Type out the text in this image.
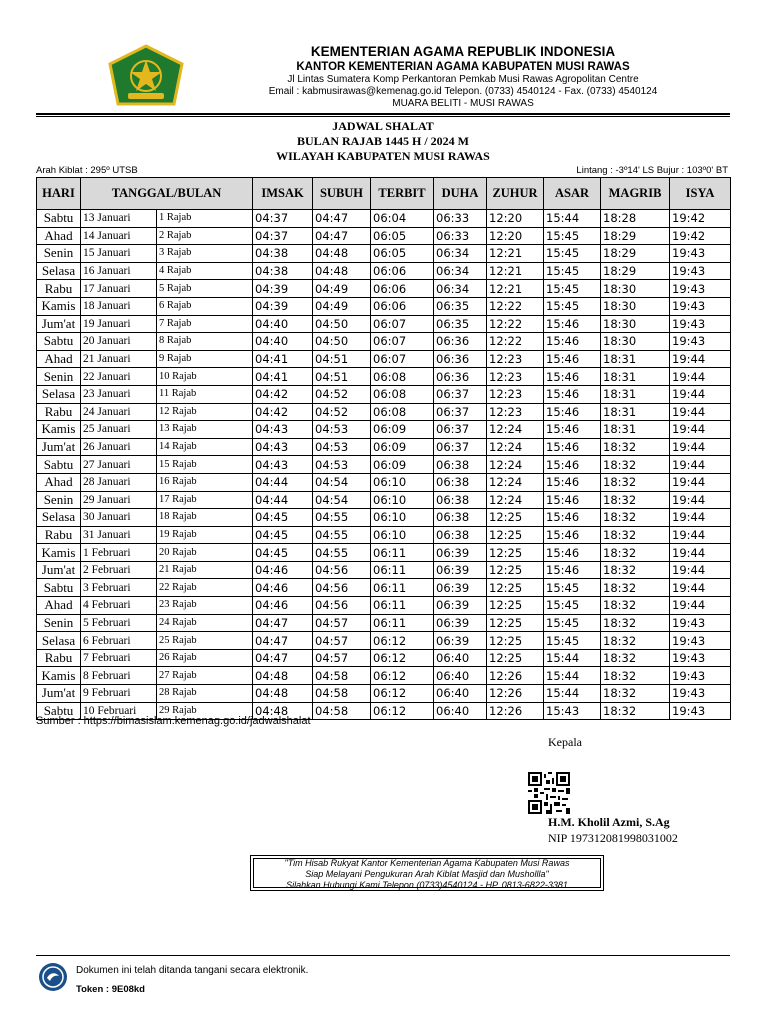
KEMENTERIAN AGAMA REPUBLIK INDONESIA
KANTOR KEMENTERIAN AGAMA KABUPATEN MUSI RAWAS
Jl Lintas Sumatera Komp Perkantoran Pemkab Musi Rawas Agropolitan Centre
Email : kabmusirawas@kemenag.go.id Telepon. (0733) 4540124 - Fax. (0733) 4540124
MUARA BELITI - MUSI RAWAS
JADWAL SHALAT
BULAN RAJAB 1445 H / 2024 M
WILAYAH KABUPATEN MUSI RAWAS
Arah Kiblat : 295º UTSB	Lintang : -3º14' LS Bujur : 103º0' BT
HARI	TANGGAL/BULAN		IMSAK	SUBUH	TERBIT	DUHA	ZUHUR	ASAR	MAGRIB	ISYA
Sabtu	13 Januari	1 Rajab	04:37	04:47	06:04	06:33	12:20	15:44	18:28	19:42
Ahad	14 Januari	2 Rajab	04:37	04:47	06:05	06:33	12:20	15:45	18:29	19:42
Senin	15 Januari	3 Rajab	04:38	04:48	06:05	06:34	12:21	15:45	18:29	19:43
Selasa	16 Januari	4 Rajab	04:38	04:48	06:06	06:34	12:21	15:45	18:29	19:43
Rabu	17 Januari	5 Rajab	04:39	04:49	06:06	06:34	12:21	15:45	18:30	19:43
Kamis	18 Januari	6 Rajab	04:39	04:49	06:06	06:35	12:22	15:45	18:30	19:43
Jum'at	19 Januari	7 Rajab	04:40	04:50	06:07	06:35	12:22	15:46	18:30	19:43
Sabtu	20 Januari	8 Rajab	04:40	04:50	06:07	06:36	12:22	15:46	18:30	19:43
Ahad	21 Januari	9 Rajab	04:41	04:51	06:07	06:36	12:23	15:46	18:31	19:44
Senin	22 Januari	10 Rajab	04:41	04:51	06:08	06:36	12:23	15:46	18:31	19:44
Selasa	23 Januari	11 Rajab	04:42	04:52	06:08	06:37	12:23	15:46	18:31	19:44
Rabu	24 Januari	12 Rajab	04:42	04:52	06:08	06:37	12:23	15:46	18:31	19:44
Kamis	25 Januari	13 Rajab	04:43	04:53	06:09	06:37	12:24	15:46	18:31	19:44
Jum'at	26 Januari	14 Rajab	04:43	04:53	06:09	06:37	12:24	15:46	18:32	19:44
Sabtu	27 Januari	15 Rajab	04:43	04:53	06:09	06:38	12:24	15:46	18:32	19:44
Ahad	28 Januari	16 Rajab	04:44	04:54	06:10	06:38	12:24	15:46	18:32	19:44
Senin	29 Januari	17 Rajab	04:44	04:54	06:10	06:38	12:24	15:46	18:32	19:44
Selasa	30 Januari	18 Rajab	04:45	04:55	06:10	06:38	12:25	15:46	18:32	19:44
Rabu	31 Januari	19 Rajab	04:45	04:55	06:10	06:38	12:25	15:46	18:32	19:44
Kamis	1 Februari	20 Rajab	04:45	04:55	06:11	06:39	12:25	15:46	18:32	19:44
Jum'at	2 Februari	21 Rajab	04:46	04:56	06:11	06:39	12:25	15:46	18:32	19:44
Sabtu	3 Februari	22 Rajab	04:46	04:56	06:11	06:39	12:25	15:45	18:32	19:44
Ahad	4 Februari	23 Rajab	04:46	04:56	06:11	06:39	12:25	15:45	18:32	19:44
Senin	5 Februari	24 Rajab	04:47	04:57	06:11	06:39	12:25	15:45	18:32	19:43
Selasa	6 Februari	25 Rajab	04:47	04:57	06:12	06:39	12:25	15:45	18:32	19:43
Rabu	7 Februari	26 Rajab	04:47	04:57	06:12	06:40	12:25	15:44	18:32	19:43
Kamis	8 Februari	27 Rajab	04:48	04:58	06:12	06:40	12:26	15:44	18:32	19:43
Jum'at	9 Februari	28 Rajab	04:48	04:58	06:12	06:40	12:26	15:44	18:32	19:43
Sabtu	10 Februari	29 Rajab	04:48	04:58	06:12	06:40	12:26	15:43	18:32	19:43
Sumber : https://bimasislam.kemenag.go.id/jadwalshalat
Kepala
H.M. Kholil Azmi, S.Ag
NIP 197312081998031002
"Tim Hisab Rukyat Kantor Kementerian Agama Kabupaten Musi Rawas
Siap Melayani Pengukuran Arah Kiblat Masjid dan Mushollla"
Silahkan Hubungi Kami Telepon (0733)4540124 - HP. 0813-6822-3381
Dokumen ini telah ditanda tangani secara elektronik.
Token : 9E08kd
